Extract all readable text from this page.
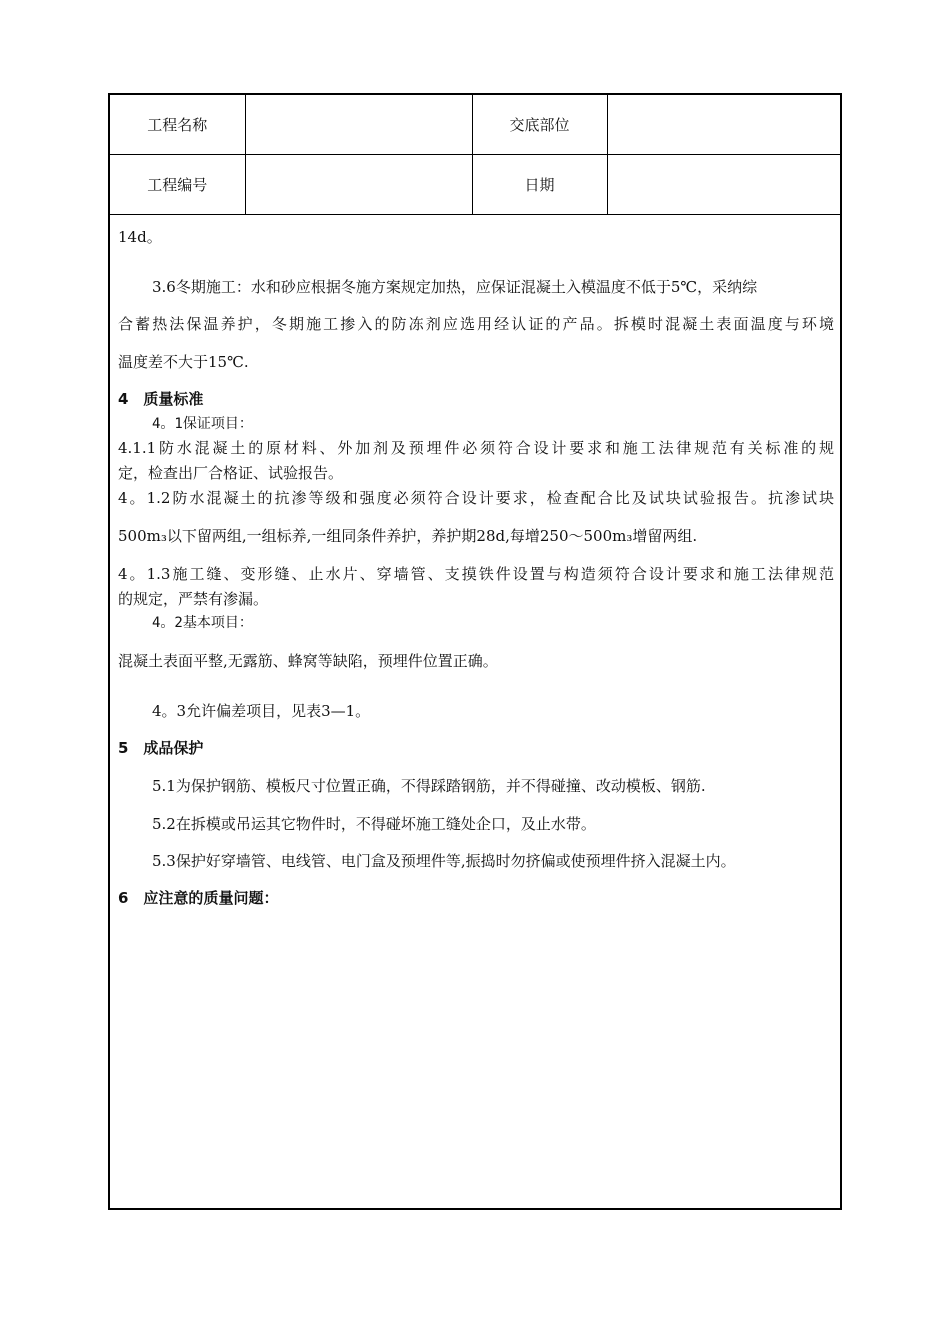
工程名称		交底部位	
工程编号		日期	
14d。
3.6冬期施工：水和砂应根据冬施方案规定加热，应保证混凝土入模温度不低于5℃，采纳综
合蓄热法保温养护，冬期施工掺入的防冻剂应选用经认证的产品。拆模时混凝土表面温度与环境
温度差不大于15℃.
4　质量标准
4。1保证项目：
4.1.1防水混凝土的原材料、外加剂及预埋件必须符合设计要求和施工法律规范有关标准的规
定，检查出厂合格证、试验报告。
4。1.2防水混凝土的抗渗等级和强度必须符合设计要求，检查配合比及试块试验报告。抗渗试块
500m₃以下留两组,一组标养,一组同条件养护，养护期28d,每增250～500m₃增留两组.
4。1.3施工缝、变形缝、止水片、穿墙管、支摸铁件设置与构造须符合设计要求和施工法律规范
的规定，严禁有渗漏。
4。2基本项目：
混凝土表面平整,无露筋、蜂窝等缺陷，预埋件位置正确。
4。3允许偏差项目，见表3—1。
5　成品保护
5.1为保护钢筋、模板尺寸位置正确，不得踩踏钢筋，并不得碰撞、改动模板、钢筋.
5.2在拆模或吊运其它物件时，不得碰坏施工缝处企口，及止水带。
5.3保护好穿墙管、电线管、电门盒及预埋件等,振捣时勿挤偏或使预埋件挤入混凝土内。
6　应注意的质量问题：
